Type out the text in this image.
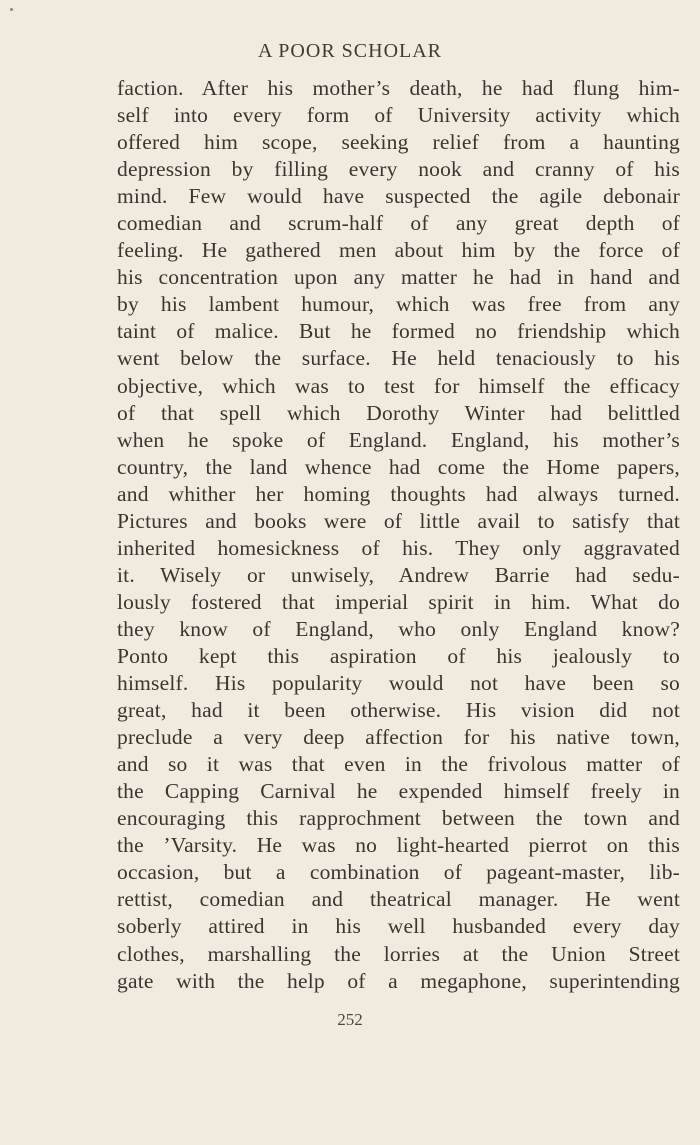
A POOR SCHOLAR
faction. After his mother’s death, he had flung him-
self into every form of University activity which
offered him scope, seeking relief from a haunting
depression by filling every nook and cranny of his
mind. Few would have suspected the agile debonair
comedian and scrum-half of any great depth of
feeling. He gathered men about him by the force of
his concentration upon any matter he had in hand and
by his lambent humour, which was free from any
taint of malice. But he formed no friendship which
went below the surface. He held tenaciously to his
objective, which was to test for himself the efficacy
of that spell which Dorothy Winter had belittled
when he spoke of England. England, his mother’s
country, the land whence had come the Home papers,
and whither her homing thoughts had always turned.
Pictures and books were of little avail to satisfy that
inherited homesickness of his. They only aggravated
it. Wisely or unwisely, Andrew Barrie had sedu-
lously fostered that imperial spirit in him. What do
they know of England, who only England know?
Ponto kept this aspiration of his jealously to
himself. His popularity would not have been so
great, had it been otherwise. His vision did not
preclude a very deep affection for his native town,
and so it was that even in the frivolous matter of
the Capping Carnival he expended himself freely in
encouraging this rapprochment between the town and
the ’Varsity. He was no light-hearted pierrot on this
occasion, but a combination of pageant-master, lib-
rettist, comedian and theatrical manager. He went
soberly attired in his well husbanded every day
clothes, marshalling the lorries at the Union Street
gate with the help of a megaphone, superintending
252
